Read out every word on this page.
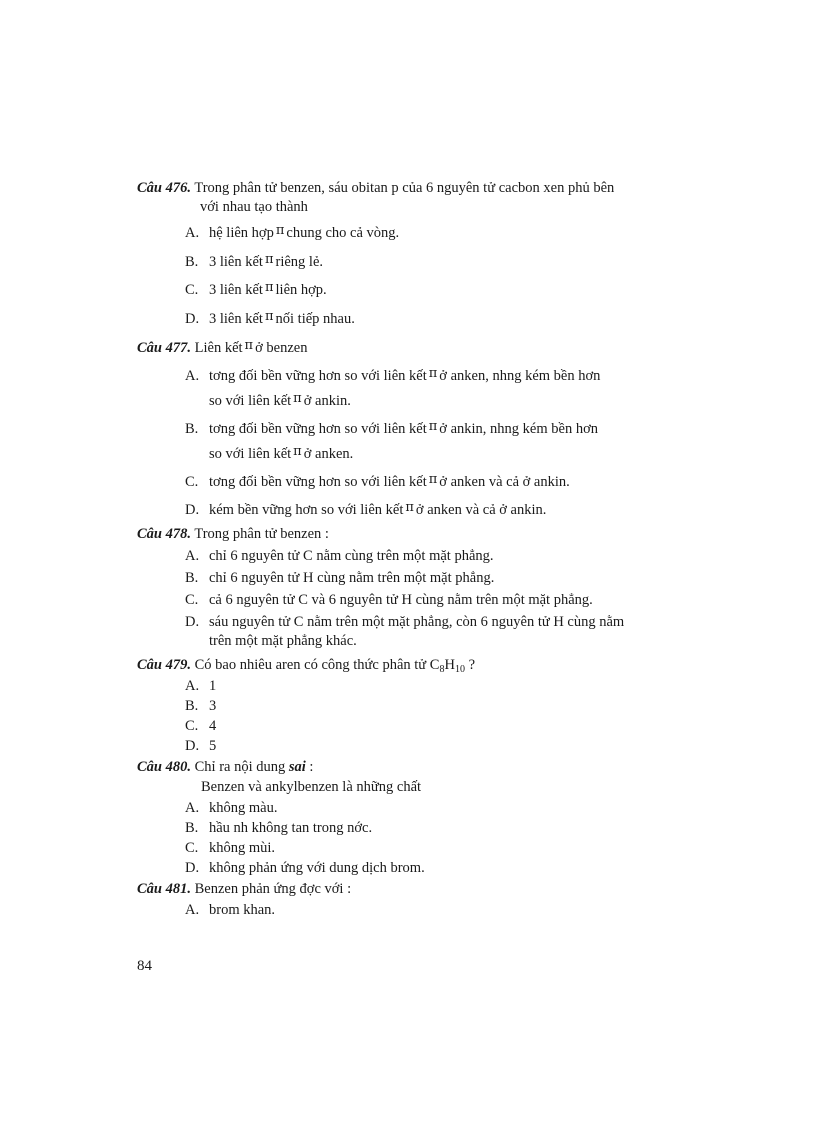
Câu 476. Trong phân tử benzen, sáu obitan p của 6 nguyên tử cacbon xen phủ bên
với nhau tạo thành
A. hệ liên hợp π chung cho cả vòng.
B. 3 liên kết π riêng lẻ.
C. 3 liên kết π liên hợp.
D. 3 liên kết π nối tiếp nhau.
Câu 477. Liên kết π ở benzen
A. tơng đối bền vững hơn so với liên kết π ở anken, nhng kém bền hơn
so với liên kết π ở ankin.
B. tơng đối bền vững hơn so với liên kết π ở ankin, nhng kém bền hơn
so với liên kết π ở anken.
C. tơng đối bền vững hơn so với liên kết π ở anken và cả ở ankin.
D. kém bền vững hơn so với liên kết π ở anken và cả ở ankin.
Câu 478. Trong phân tử benzen :
A. chỉ 6 nguyên tử C nằm cùng trên một mặt phẳng.
B. chỉ 6 nguyên tử H cùng nằm trên một mặt phẳng.
C. cả 6 nguyên tử C và 6 nguyên tử H cùng nằm trên một mặt phẳng.
D. sáu nguyên tử C nằm trên một mặt phẳng, còn 6 nguyên tử H cùng nằm
trên một mặt phẳng khác.
Câu 479. Có bao nhiêu aren có công thức phân tử $C_8H_{10}$ ?
A. 1
B. 3
C. 4
D. 5
Câu 480. Chỉ ra nội dung sai :
Benzen và ankylbenzen là những chất
A. không màu.
B. hầu nh không tan trong nớc.
C. không mùi.
D. không phản ứng với dung dịch brom.
Câu 481. Benzen phản ứng đợc với :
A. brom khan.
84
